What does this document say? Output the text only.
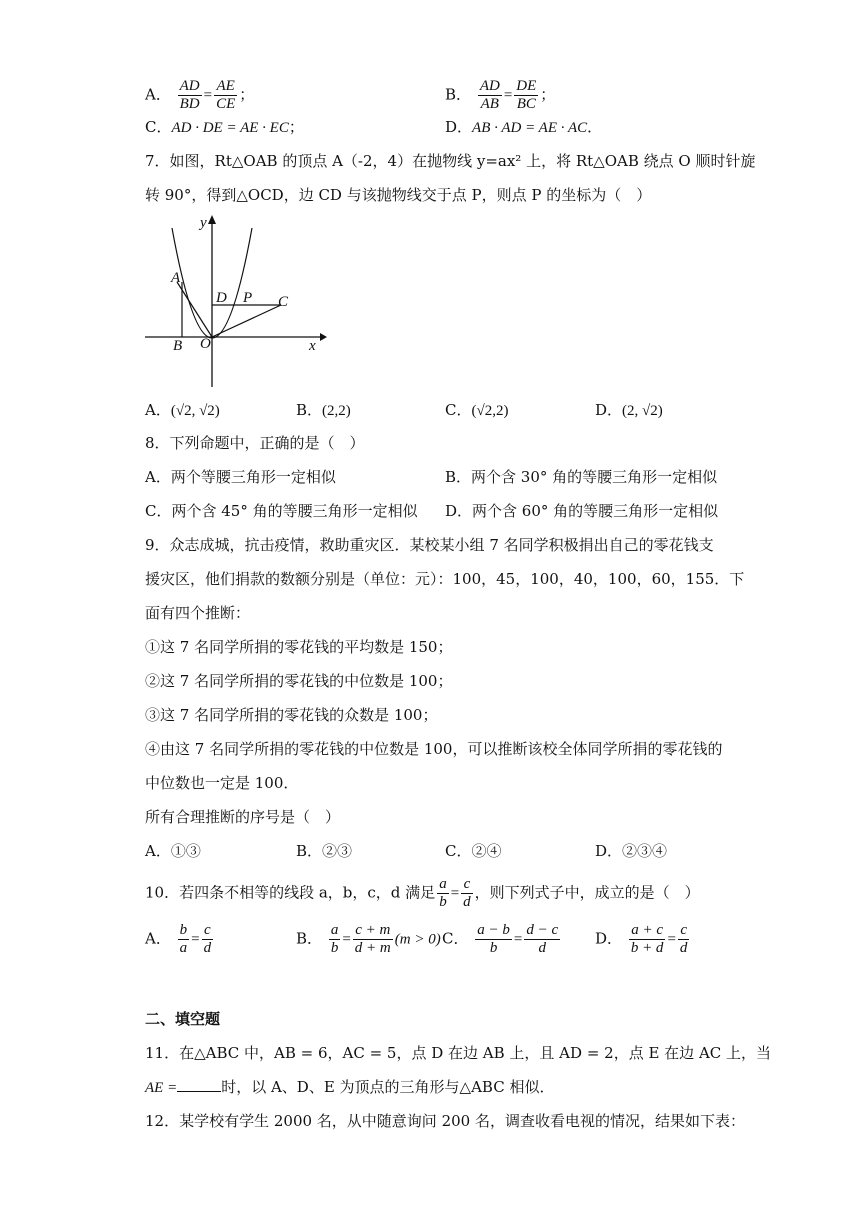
A． $\frac{AD}{BD} = \frac{AE}{CE}$ ；	B． $\frac{AD}{AB} = \frac{DE}{BC}$ ；
C．AD · DE = AE · EC；	D．AB · AD = AE · AC．
7．如图，Rt△OAB 的顶点 A（-2，4）在抛物线 y=ax² 上，将 Rt△OAB 绕点 O 顺时针旋
转 90°，得到△OCD，边 CD 与该抛物线交于点 P，则点 P 的坐标为（　）
y
A
D P C
B O	x
A．(√2, √2)	B．(2,2)	C．(√2,2)	D．(2, √2)
8．下列命题中，正确的是（　）
A．两个等腰三角形一定相似	B．两个含 30° 角的等腰三角形一定相似
C．两个含 45° 角的等腰三角形一定相似 D．两个含 60° 角的等腰三角形一定相似
9．众志成城，抗击疫情，救助重灾区．某校某小组 7 名同学积极捐出自己的零花钱支
援灾区，他们捐款的数额分别是（单位：元）：100，45，100，40，100，60，155．下
面有四个推断：
①这 7 名同学所捐的零花钱的平均数是 150；
②这 7 名同学所捐的零花钱的中位数是 100；
③这 7 名同学所捐的零花钱的众数是 100；
④由这 7 名同学所捐的零花钱的中位数是 100，可以推断该校全体同学所捐的零花钱的
中位数也一定是 100．
所有合理推断的序号是（　）
A．①③	B．②③	C．②④	D．②③④
10．若四条不相等的线段 a，b，c，d 满足 $\frac{a}{b} = \frac{c}{d}$ ，则下列式子中，成立的是（　）
A． $\frac{b}{a} = \frac{c}{d}$	B． $\frac{a}{b} = \frac{c + m}{d + m} (m > 0)$ C． $\frac{a - b}{b} = \frac{d - c}{d}$ D． $\frac{a + c}{b + d} = \frac{c}{d}$
二、填空题
11．在△ABC 中，AB = 6，AC = 5，点 D 在边 AB 上，且 AD = 2，点 E 在边 AC 上，当
AE =	时，以 A、D、E 为顶点的三角形与△ABC 相似．
12．某学校有学生 2000 名，从中随意询问 200 名，调查收看电视的情况，结果如下表：
